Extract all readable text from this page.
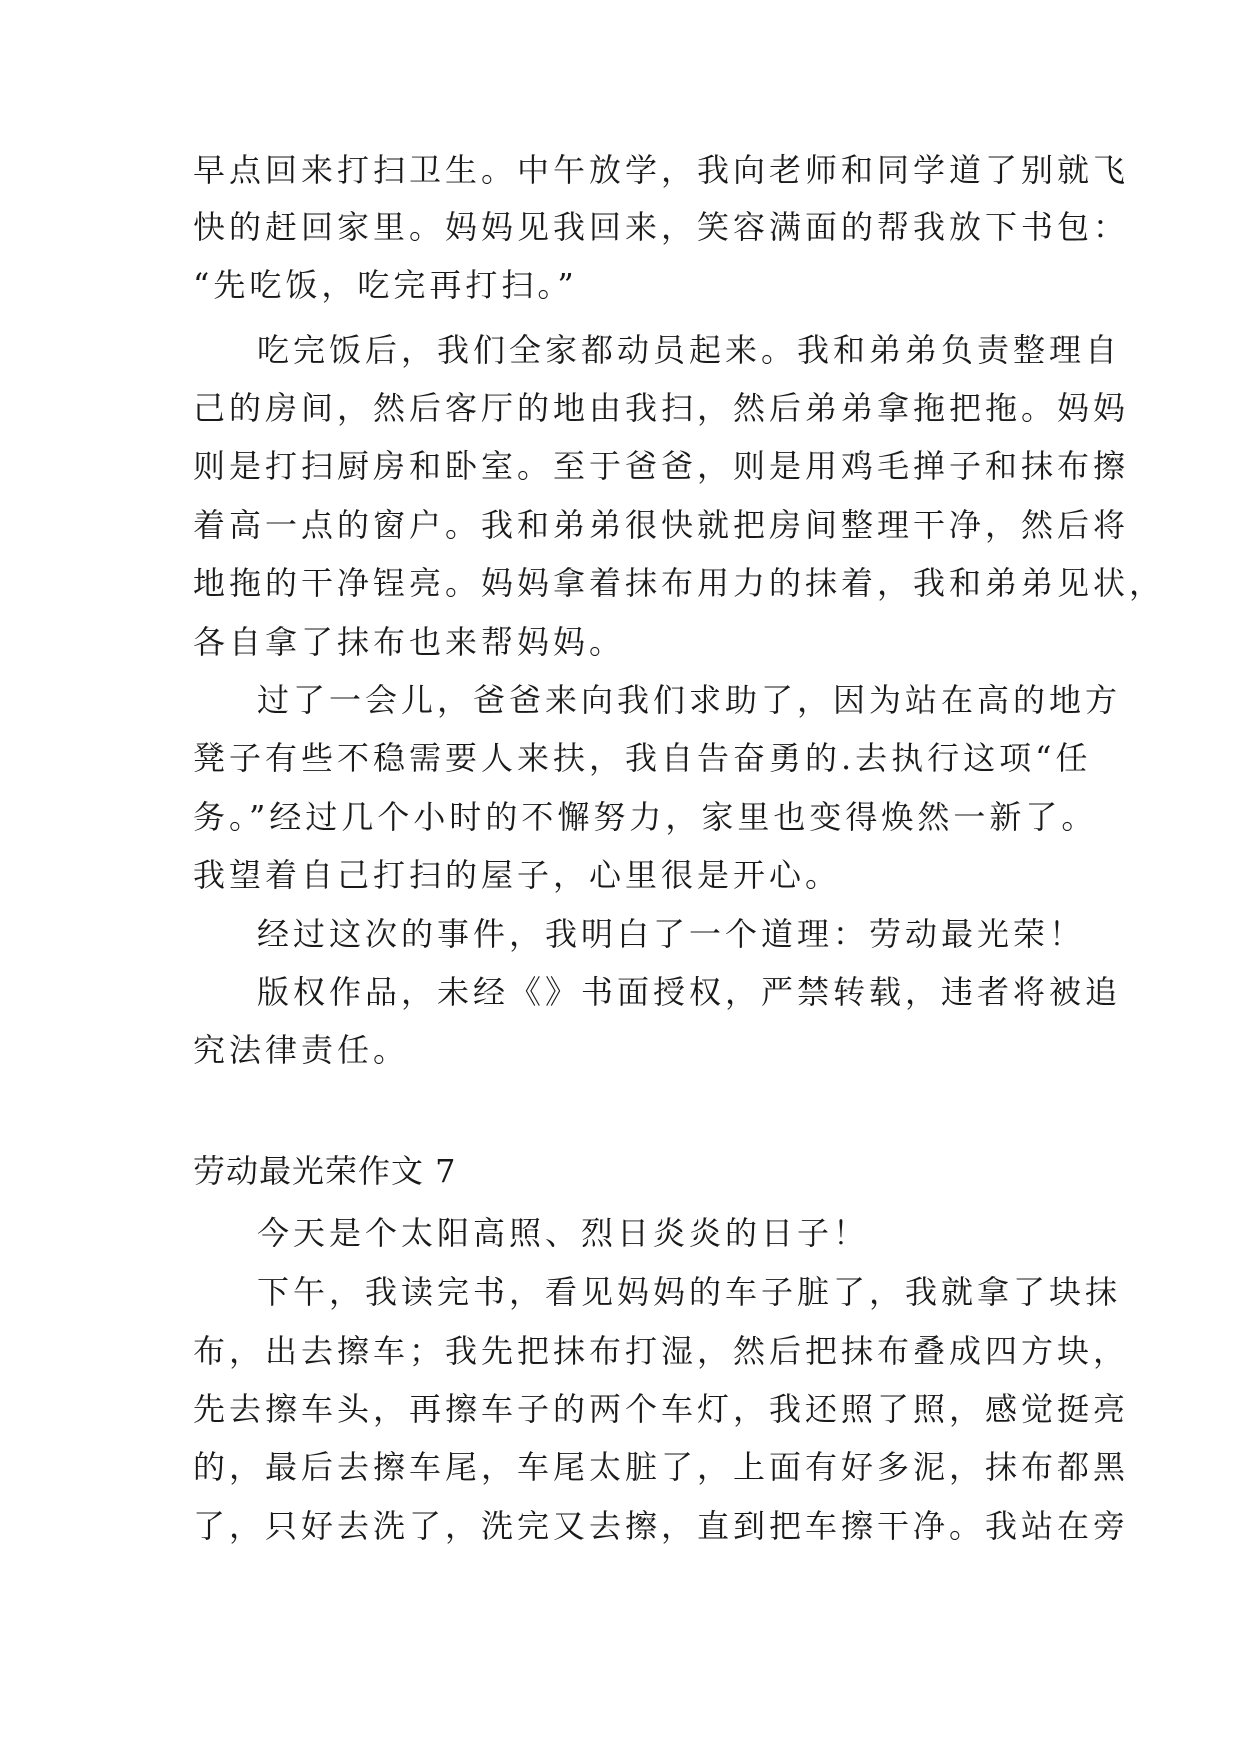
早点回来打扫卫生。中午放学，我向老师和同学道了别就飞
快的赶回家里。妈妈见我回来，笑容满面的帮我放下书包：
“先吃饭，吃完再打扫。”
吃完饭后，我们全家都动员起来。我和弟弟负责整理自
己的房间，然后客厅的地由我扫，然后弟弟拿拖把拖。妈妈
则是打扫厨房和卧室。至于爸爸，则是用鸡毛掸子和抹布擦
着高一点的窗户。我和弟弟很快就把房间整理干净，然后将
地拖的干净锃亮。妈妈拿着抹布用力的抹着，我和弟弟见状，
各自拿了抹布也来帮妈妈。
过了一会儿，爸爸来向我们求助了，因为站在高的地方
凳子有些不稳需要人来扶，我自告奋勇的.去执行这项“任
务。”经过几个小时的不懈努力，家里也变得焕然一新了。
我望着自己打扫的屋子，心里很是开心。
经过这次的事件，我明白了一个道理：劳动最光荣！
版权作品，未经《》书面授权，严禁转载，违者将被追
究法律责任。
劳动最光荣作文 7
今天是个太阳高照、烈日炎炎的日子！
下午，我读完书，看见妈妈的车子脏了，我就拿了块抹
布，出去擦车；我先把抹布打湿，然后把抹布叠成四方块，
先去擦车头，再擦车子的两个车灯，我还照了照，感觉挺亮
的，最后去擦车尾，车尾太脏了，上面有好多泥，抹布都黑
了，只好去洗了，洗完又去擦，直到把车擦干净。我站在旁
